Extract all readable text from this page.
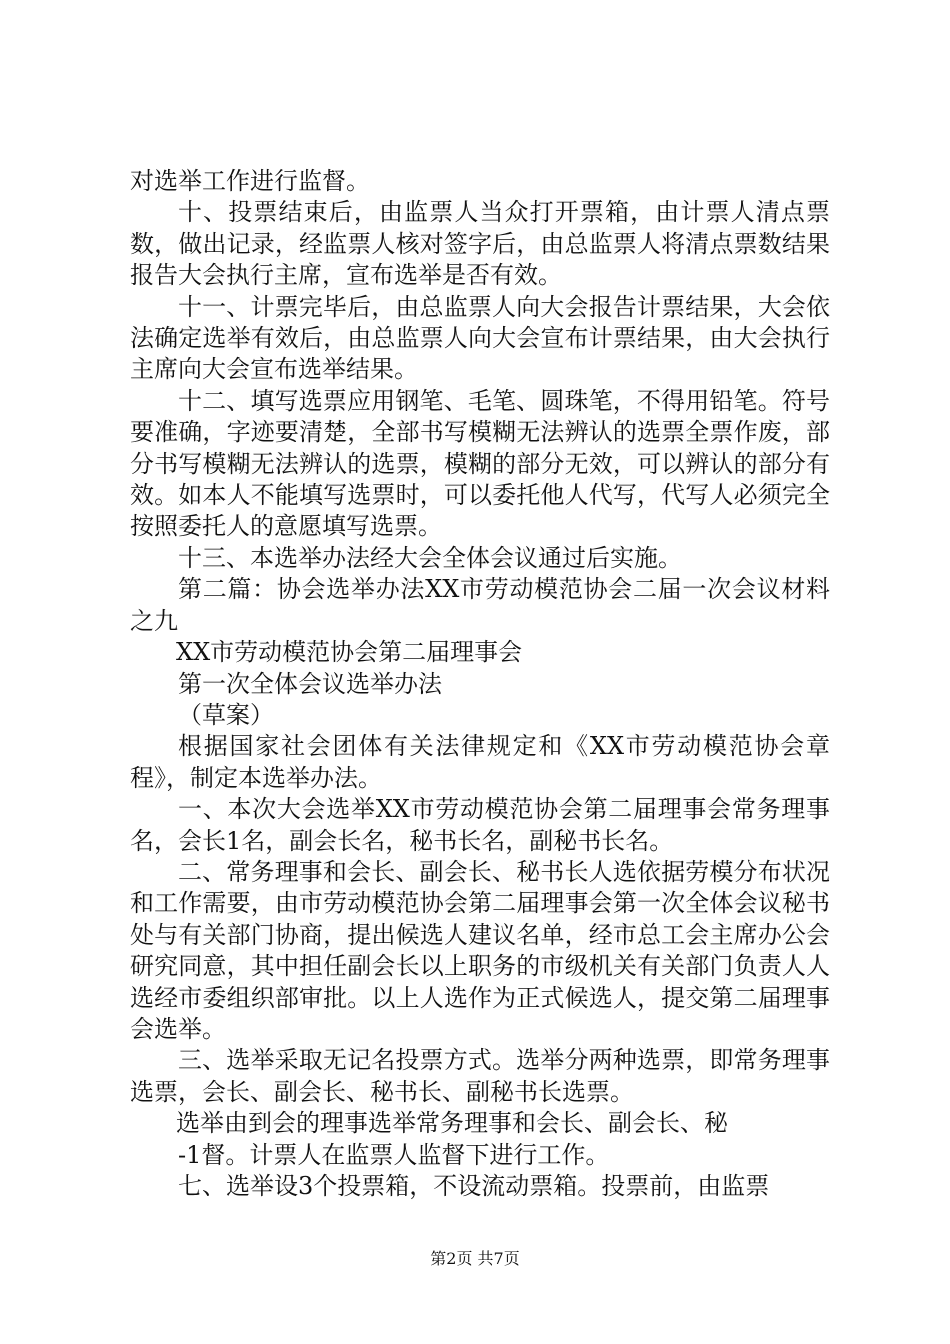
对选举工作进行监督。

十、投票结束后，由监票人当众打开票箱，由计票人清点票数，做出记录，经监票人核对签字后，由总监票人将清点票数结果报告大会执行主席，宣布选举是否有效。

十一、计票完毕后，由总监票人向大会报告计票结果，大会依法确定选举有效后，由总监票人向大会宣布计票结果，由大会执行主席向大会宣布选举结果。

十二、填写选票应用钢笔、毛笔、圆珠笔，不得用铅笔。符号要准确，字迹要清楚，全部书写模糊无法辨认的选票全票作废，部分书写模糊无法辨认的选票，模糊的部分无效，可以辨认的部分有效。如本人不能填写选票时，可以委托他人代写，代写人必须完全按照委托人的意愿填写选票。

十三、本选举办法经大会全体会议通过后实施。

第二篇：协会选举办法XX市劳动模范协会二届一次会议材料之九

XX市劳动模范协会第二届理事会

第一次全体会议选举办法

（草案）

根据国家社会团体有关法律规定和《XX市劳动模范协会章程》，制定本选举办法。

一、本次大会选举XX市劳动模范协会第二届理事会常务理事名，会长1名，副会长名，秘书长名，副秘书长名。

二、常务理事和会长、副会长、秘书长人选依据劳模分布状况和工作需要，由市劳动模范协会第二届理事会第一次全体会议秘书处与有关部门协商，提出候选人建议名单，经市总工会主席办公会研究同意，其中担任副会长以上职务的市级机关有关部门负责人人选经市委组织部审批。以上人选作为正式候选人，提交第二届理事会选举。

三、选举采取无记名投票方式。选举分两种选票，即常务理事选票，会长、副会长、秘书长、副秘书长选票。

选举由到会的理事选举常务理事和会长、副会长、秘

-1督。计票人在监票人监督下进行工作。

七、选举设3个投票箱，不设流动票箱。投票前，由监票

第2页 共7页
